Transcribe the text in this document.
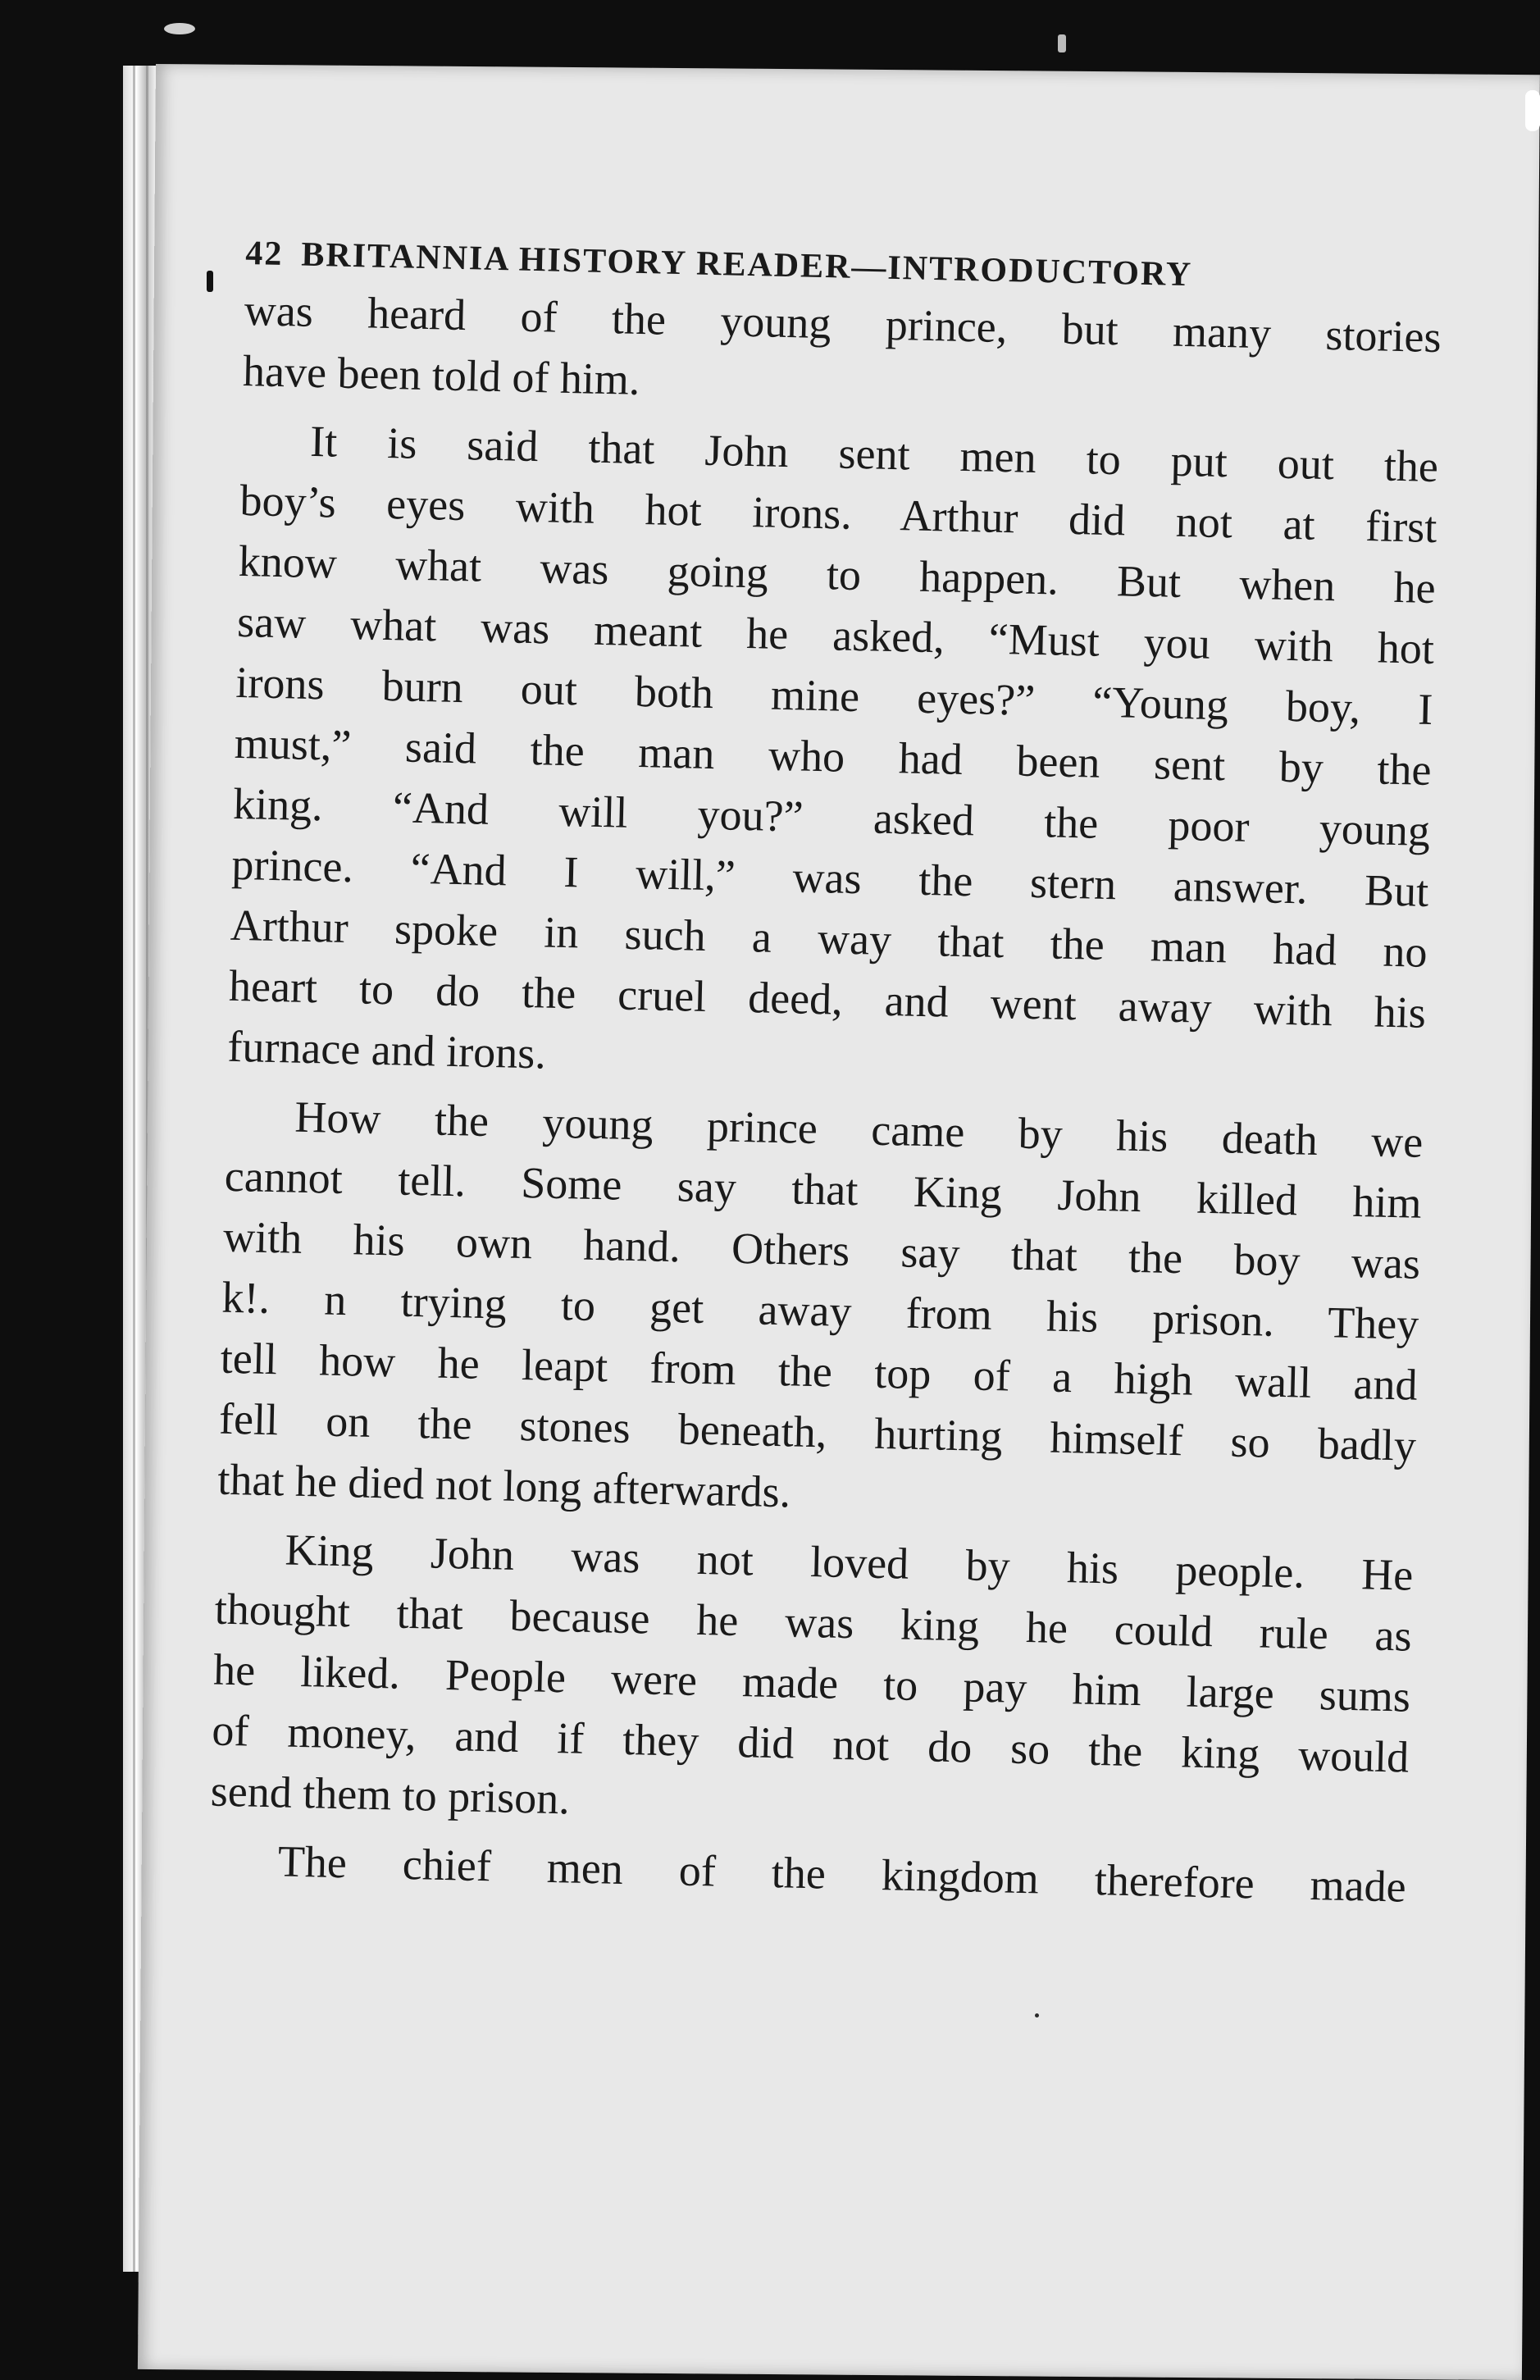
42 BRITANNIA HISTORY READER—INTRODUCTORY
was heard of the young prince, but many stories
have been told of him.
It is said that John sent men to put out the
boy’s eyes with hot irons. Arthur did not at first
know what was going to happen. But when he
saw what was meant he asked, “Must you with hot
irons burn out both mine eyes?” “Young boy, I
must,” said the man who had been sent by the
king. “And will you?” asked the poor young
prince. “And I will,” was the stern answer. But
Arthur spoke in such a way that the man had no
heart to do the cruel deed, and went away with his
furnace and irons.
How the young prince came by his death we
cannot tell. Some say that King John killed him
with his own hand. Others say that the boy was
k!. n trying to get away from his prison. They
tell how he leapt from the top of a high wall and
fell on the stones beneath, hurting himself so badly
that he died not long afterwards.
King John was not loved by his people. He
thought that because he was king he could rule as
he liked. People were made to pay him large sums
of money, and if they did not do so the king would
send them to prison.
The chief men of the kingdom therefore made
